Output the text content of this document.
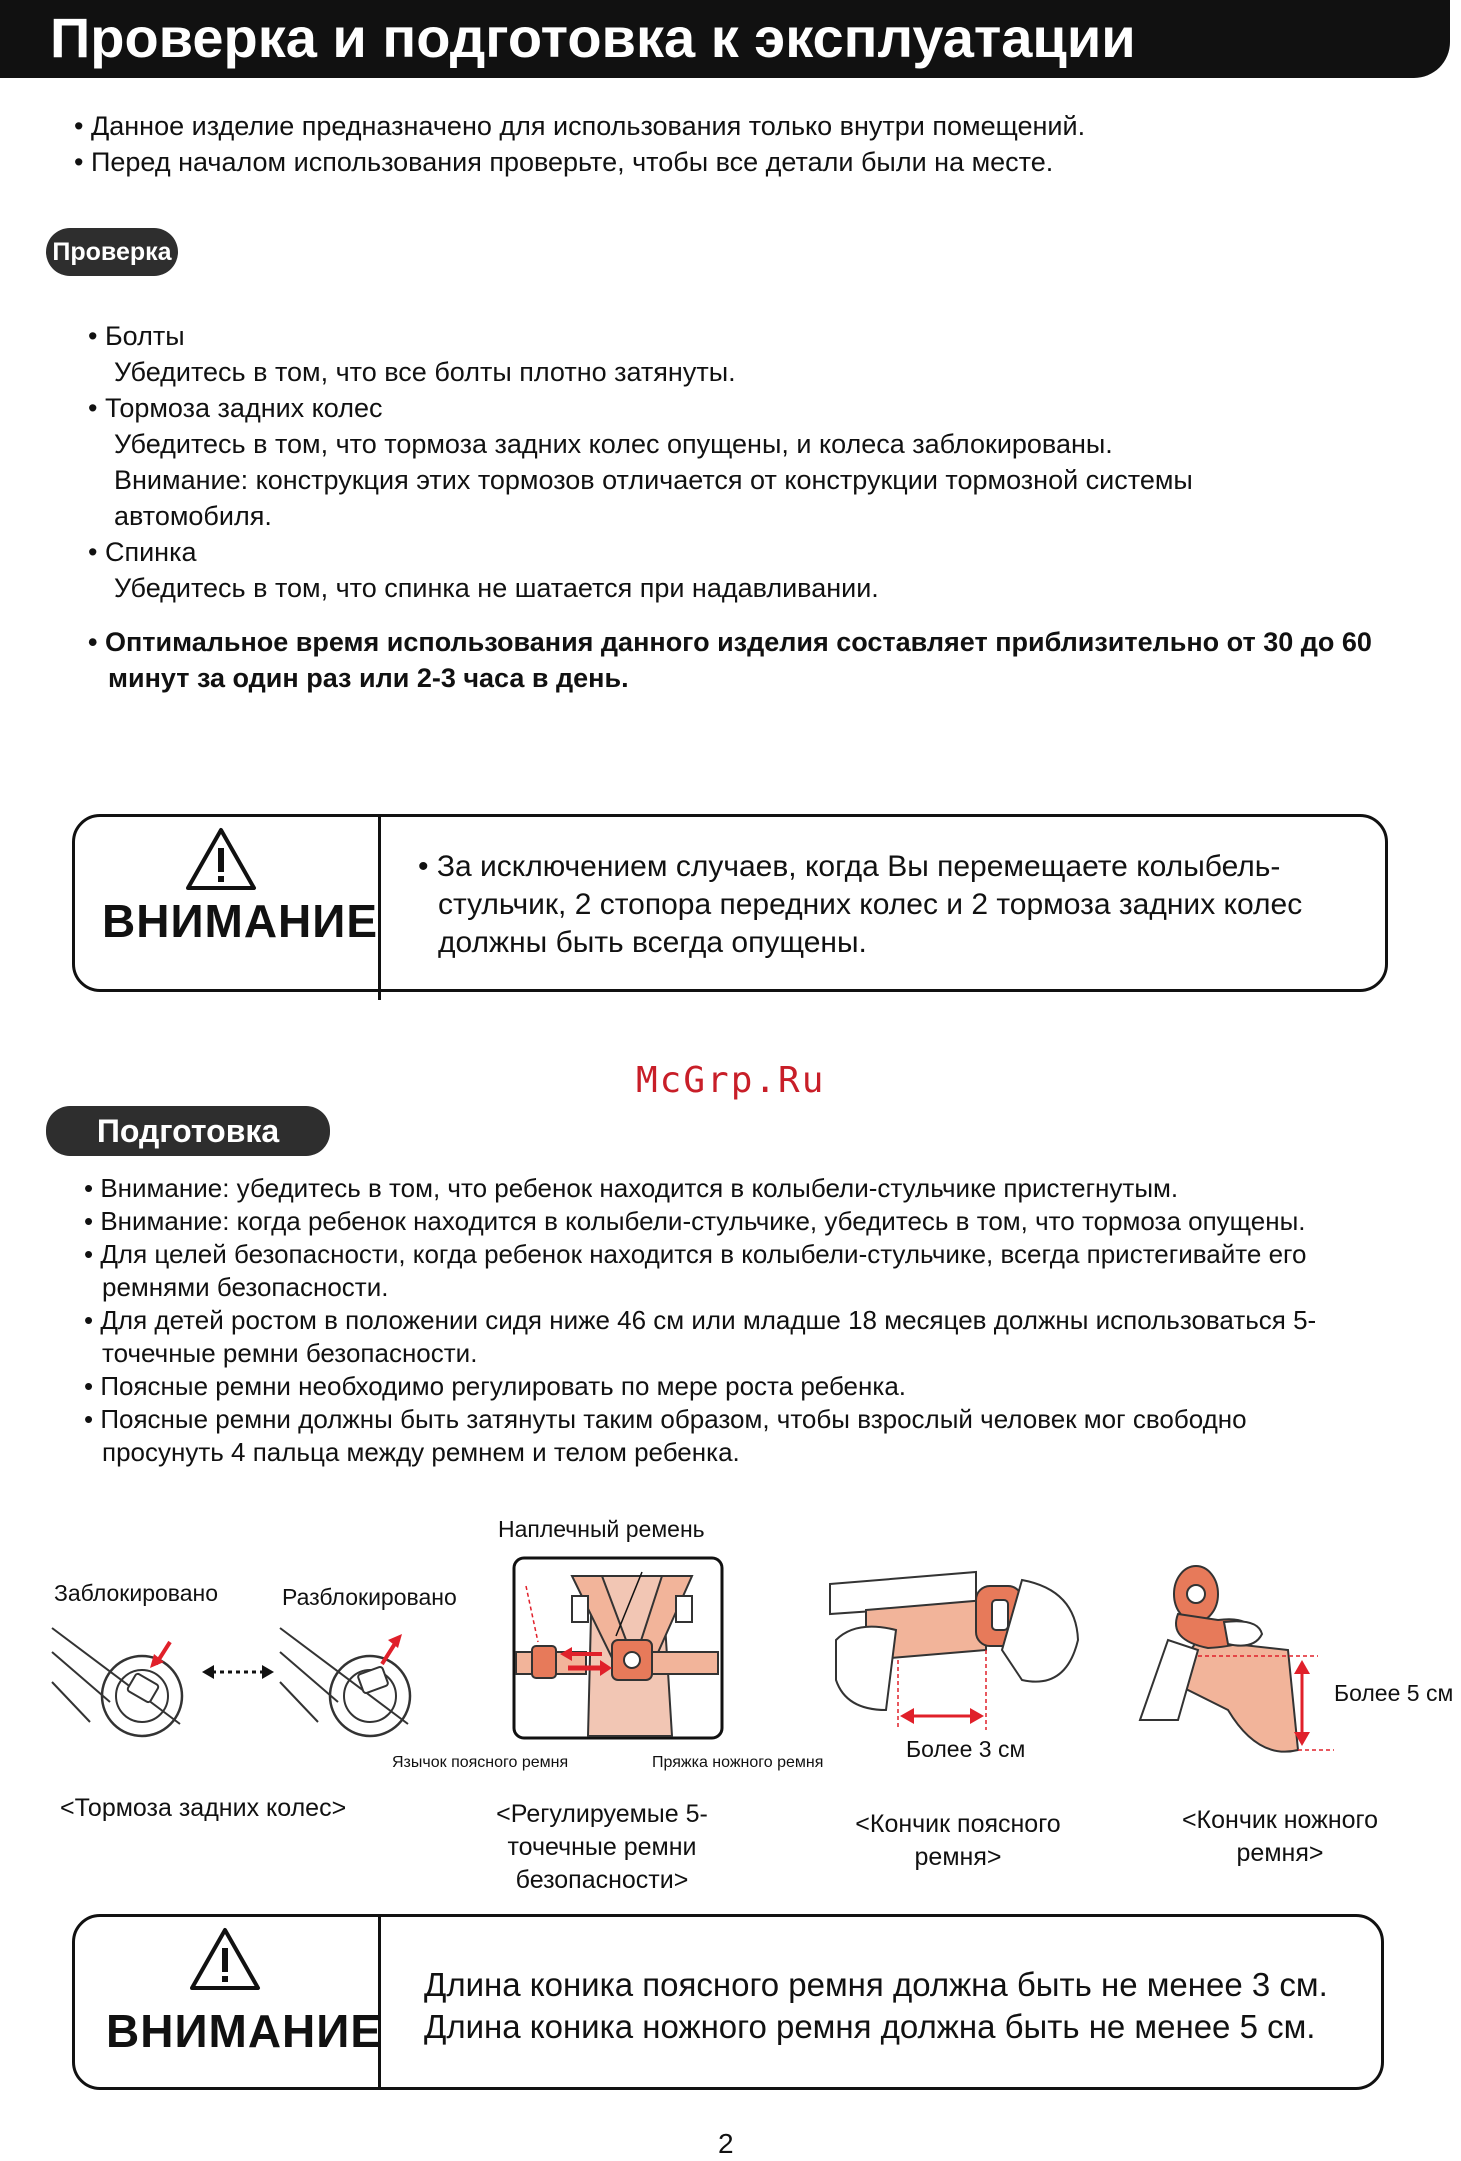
Проверка и подготовка к эксплуатации
• Данное изделие предназначено для использования только внутри помещений.
• Перед началом использования проверьте, чтобы все детали были на месте.
Проверка
• Болты
Убедитесь в том, что все болты плотно затянуты.
• Тормоза задних колес
Убедитесь в том, что тормоза задних колес опущены, и колеса заблокированы.
Внимание: конструкция этих тормозов отличается от конструкции тормозной системы
автомобиля.
• Спинка
Убедитесь в том, что спинка не шатается при надавливании.
• Оптимальное время использования данного изделия составляет приблизительно от 30 до 60
минут за один раз или 2-3 часа в день.
ВНИМАНИЕ
• За исключением случаев, когда Вы перемещаете колыбель-
стульчик, 2 стопора передних колес и 2 тормоза задних колес
должны быть всегда опущены.
McGrp.Ru
Подготовка
• Внимание: убедитесь в том, что ребенок находится в колыбели-стульчике пристегнутым.
• Внимание: когда ребенок находится в колыбели-стульчике, убедитесь в том, что тормоза опущены.
• Для целей безопасности, когда ребенок находится в колыбели-стульчике, всегда пристегивайте его
ремнями безопасности.
• Для детей ростом в положении сидя ниже 46 см или младше 18 месяцев должны использоваться 5-
точечные ремни безопасности.
• Поясные ремни необходимо регулировать по мере роста ребенка.
• Поясные ремни должны быть затянуты таким образом, чтобы взрослый человек мог свободно
просунуть 4 пальца между ремнем и телом ребенка.
Заблокировано	Разблокировано
<Тормоза задних колес>
Наплечный ремень
Язычок поясного ремня	Пряжка ножного ремня
<Регулируемые 5-
точечные ремни
безопасности>
Более 3 см
<Кончик поясного
ремня>
Более 5 см
<Кончик ножного
ремня>
ВНИМАНИЕ
Длина коника поясного ремня должна быть не менее 3 см.
Длина коника ножного ремня должна быть не менее 5 см.
2
